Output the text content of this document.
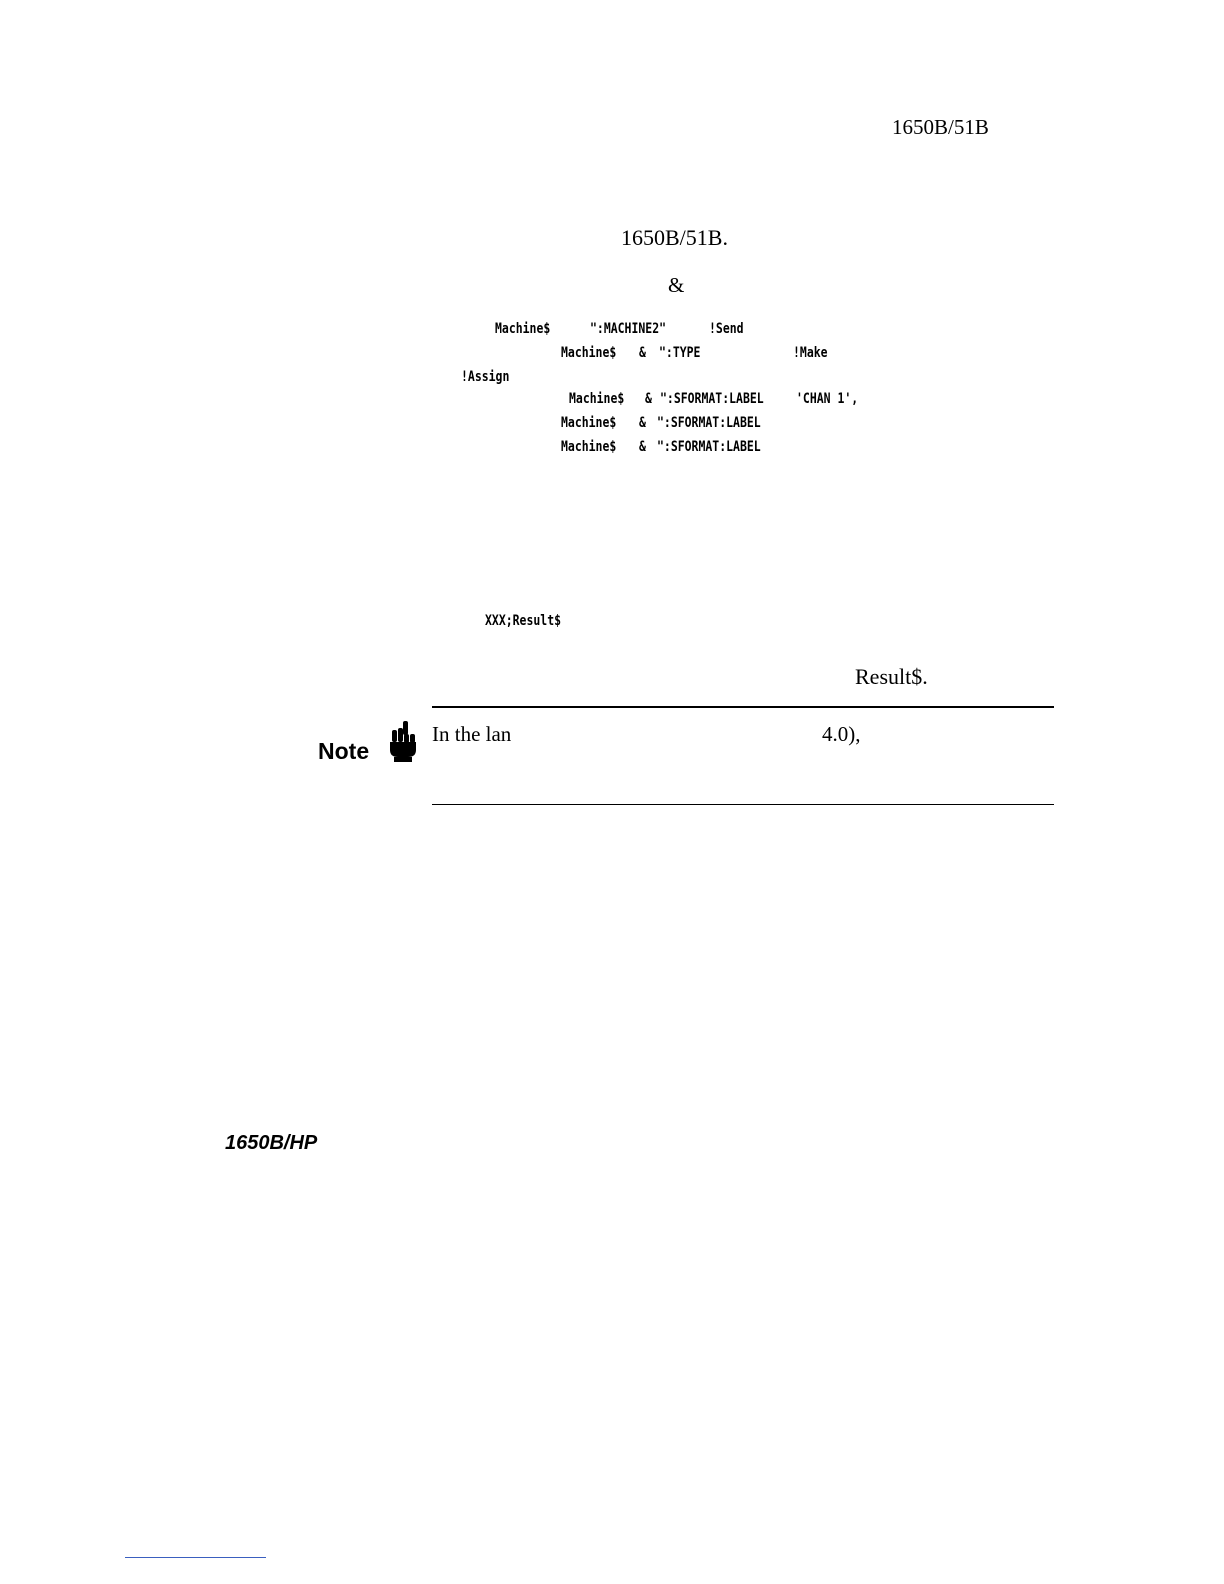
1650B/51B
1650B/51B.
&
Machine$	":MACHINE2"	!Send
Machine$ & ":TYPE	!Make
!Assign
Machine$ & ":SFORMAT:LABEL 'CHAN 1',
Machine$ & ":SFORMAT:LABEL
Machine$ & ":SFORMAT:LABEL
XXX;Result$
Result$.
Note
In the lan	4.0),
1650B/HP
